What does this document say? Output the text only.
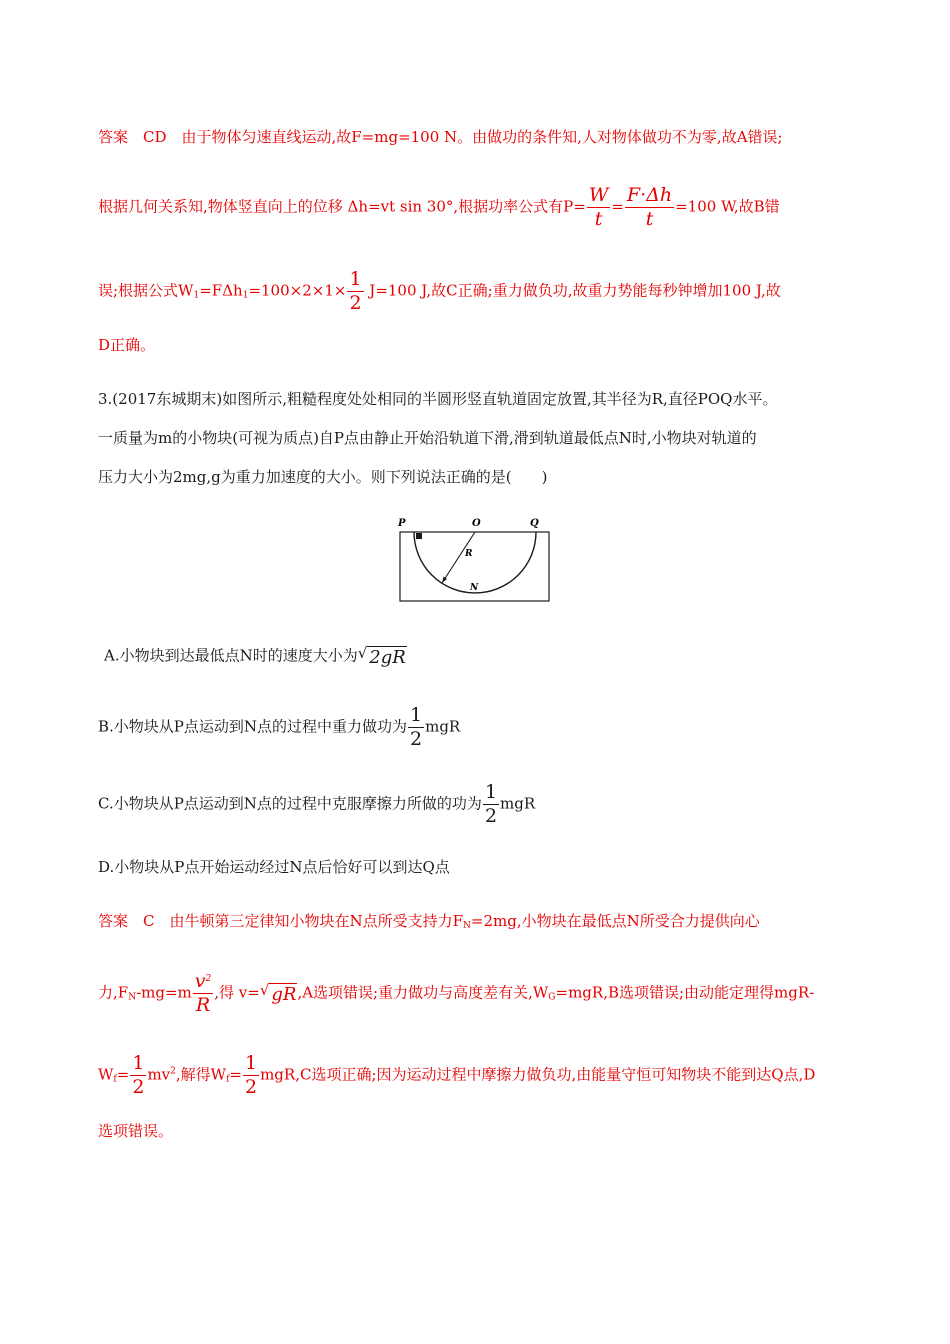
答案　CD　由于物体匀速直线运动,故F=mg=100 N。由做功的条件知,人对物体做功不为零,故A错误;
根据几何关系知,物体竖直向上的位移 Δh=vt sin 30°,根据功率公式有$P= \frac{W}{t} = \frac{F\cdot\Delta h}{t} =100$ W,故B错
误;根据公式$W_1=F\Delta h_1=100\times 2\times 1\times \frac{1}{2} J=100$ J,故C正确;重力做负功,故重力势能每秒钟增加100 J,故
D正确。
3.(2017东城期末)如图所示,粗糙程度处处相同的半圆形竖直轨道固定放置,其半径为R,直径POQ水平。
一质量为m的小物块(可视为质点)自P点由静止开始沿轨道下滑,滑到轨道最低点N时,小物块对轨道的
压力大小为2mg,g为重力加速度的大小。则下列说法正确的是(　　)
P	O	Q
R
N
A.小物块到达最低点N时的速度大小为√ 2gR
B.小物块从P点运动到N点的过程中重力做功为 $\frac{1}{2}$ mgR
C.小物块从P点运动到N点的过程中克服摩擦力所做的功为 $\frac{1}{2}$ mgR
D.小物块从P点开始运动经过N点后恰好可以到达Q点
答案　C　由牛顿第三定律知小物块在N点所受支持力$F_N=2mg$,小物块在最低点N所受合力提供向心
力$,F_N-mg=m \frac{v^2}{R}$ ,得 v=√ gR,A选项错误;重力做功与高度差有关$,W_G=mgR,B$选项错误;由动能定理得mgR-
$W_f= \frac{1}{2} mv^2$,解得$W_f= \frac{1}{2} mgR,C$选项正确;因为运动过程中摩擦力做负功,由能量守恒可知物块不能到达Q点,D
选项错误。
